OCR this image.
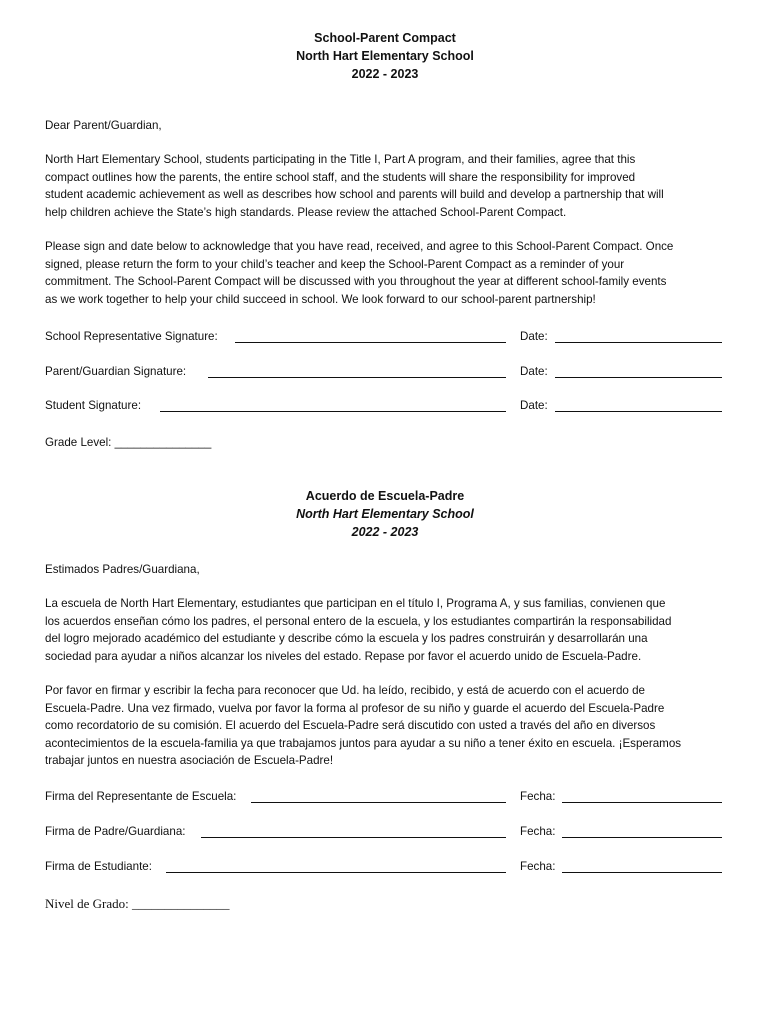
School-Parent Compact
North Hart Elementary School
2022 - 2023
Dear Parent/Guardian,

North Hart Elementary School, students participating in the Title I, Part A program, and their families, agree that this
compact outlines how the parents, the entire school staff, and the students will share the responsibility for improved
student academic achievement as well as describes how school and parents will build and develop a partnership that will
help children achieve the State’s high standards. Please review the attached School-Parent Compact.

Please sign and date below to acknowledge that you have read, received, and agree to this School-Parent Compact. Once
signed, please return the form to your child’s teacher and keep the School-Parent Compact as a reminder of your
commitment. The School-Parent Compact will be discussed with you throughout the year at different school-family events
as we work together to help your child succeed in school. We look forward to our school-parent partnership!

School Representative Signature:	Date:
Parent/Guardian Signature:	Date:
Student Signature:	Date:
Grade Level: _______________
Acuerdo de Escuela-Padre
North Hart Elementary School
2022 - 2023
Estimados Padres/Guardiana,

La escuela de North Hart Elementary, estudiantes que participan en el título I, Programa A, y sus familias, convienen que
los acuerdos enseñan cómo los padres, el personal entero de la escuela, y los estudiantes compartirán la responsabilidad
del logro mejorado académico del estudiante y describe cómo la escuela y los padres construirán y desarrollarán una
sociedad para ayudar a niños alcanzar los niveles del estado. Repase por favor el acuerdo unido de Escuela-Padre.

Por favor en firmar y escribir la fecha para reconocer que Ud. ha leído, recibido, y está de acuerdo con el acuerdo de
Escuela-Padre. Una vez firmado, vuelva por favor la forma al profesor de su niño y guarde el acuerdo del Escuela-Padre
como recordatorio de su comisión. El acuerdo del Escuela-Padre será discutido con usted a través del año en diversos
acontecimientos de la escuela-familia ya que trabajamos juntos para ayudar a su niño a tener éxito en escuela. ¡Esperamos
trabajar juntos en nuestra asociación de Escuela-Padre!

Firma del Representante de Escuela:	Fecha:
Firma de Padre/Guardiana:	Fecha:
Firma de Estudiante:	Fecha:
Nivel de Grado: _______________
